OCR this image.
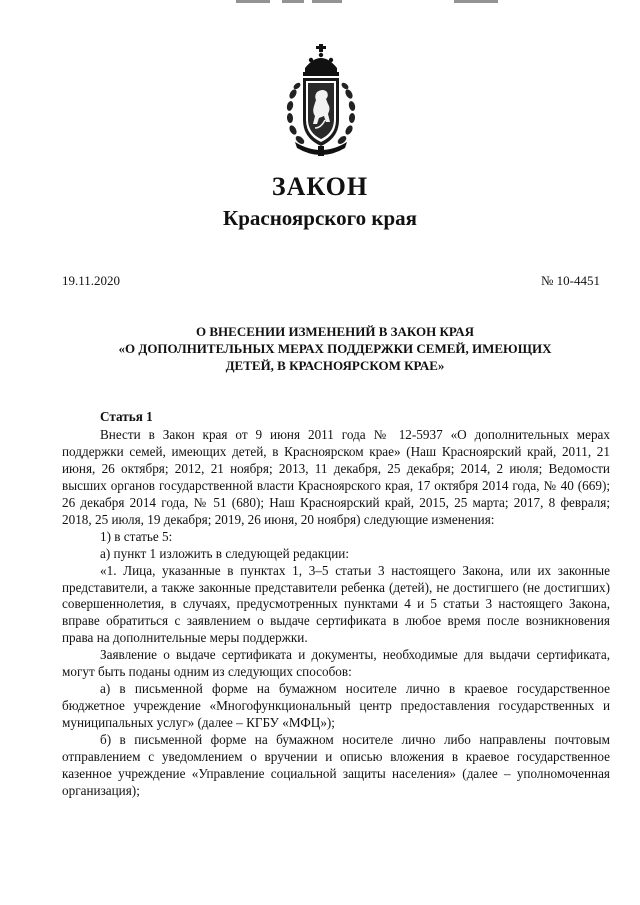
ЗАКОН
Красноярского края
19.11.2020	№ 10-4451
О ВНЕСЕНИИ ИЗМЕНЕНИЙ В ЗАКОН КРАЯ
«О ДОПОЛНИТЕЛЬНЫХ МЕРАХ ПОДДЕРЖКИ СЕМЕЙ, ИМЕЮЩИХ
ДЕТЕЙ, В КРАСНОЯРСКОМ КРАЕ»

Статья 1

Внести в Закон края от 9 июня 2011 года № 12-5937 «О дополнительных мерах поддержки семей, имеющих детей, в Красноярском крае» (Наш Красноярский край, 2011, 21 июня, 26 октября; 2012, 21 ноября; 2013, 11 декабря, 25 декабря; 2014, 2 июля; Ведомости высших органов государственной власти Красноярского края, 17 октября 2014 года, № 40 (669); 26 декабря 2014 года, № 51 (680); Наш Красноярский край, 2015, 25 марта; 2017, 8 февраля; 2018, 25 июля, 19 декабря; 2019, 26 июня, 20 ноября) следующие изменения:

1) в статье 5:

а) пункт 1 изложить в следующей редакции:

«1. Лица, указанные в пунктах 1, 3–5 статьи 3 настоящего Закона, или их законные представители, а также законные представители ребенка (детей), не достигшего (не достигших) совершеннолетия, в случаях, предусмотренных пунктами 4 и 5 статьи 3 настоящего Закона, вправе обратиться с заявлением о выдаче сертификата в любое время после возникновения права на дополнительные меры поддержки.

Заявление о выдаче сертификата и документы, необходимые для выдачи сертификата, могут быть поданы одним из следующих способов:

а) в письменной форме на бумажном носителе лично в краевое государственное бюджетное учреждение «Многофункциональный центр предоставления государственных и муниципальных услуг» (далее – КГБУ «МФЦ»);

б) в письменной форме на бумажном носителе лично либо направлены почтовым отправлением с уведомлением о вручении и описью вложения в краевое государственное казенное учреждение «Управление социальной защиты населения» (далее – уполномоченная организация);
